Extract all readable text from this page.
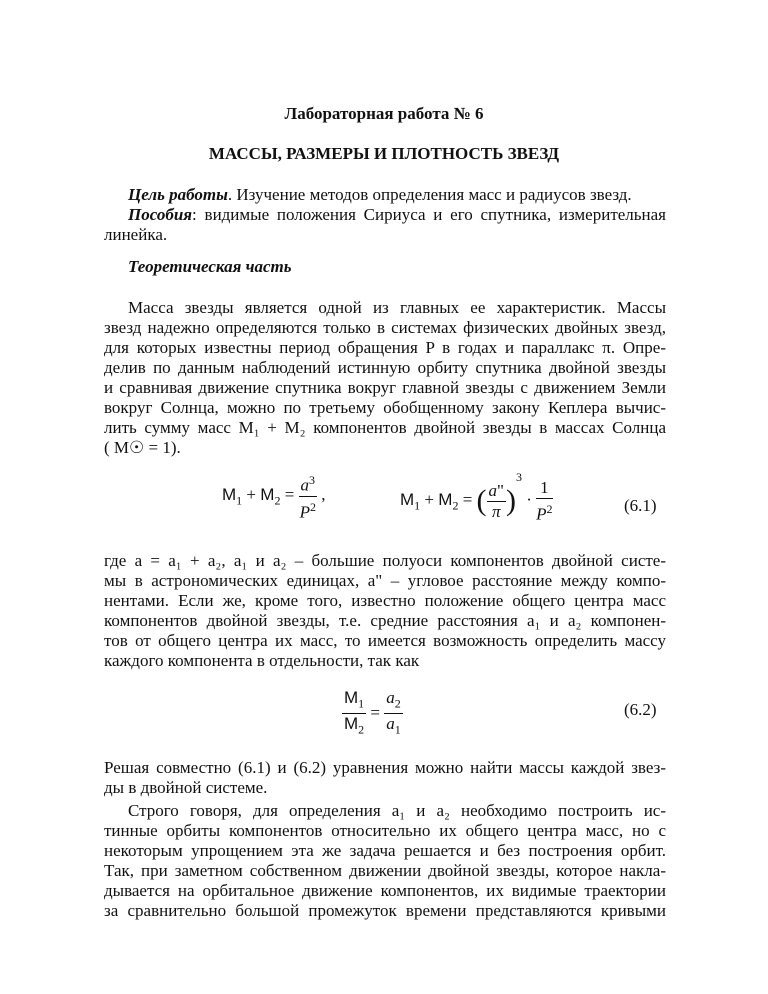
Лабораторная работа № 6
МАССЫ, РАЗМЕРЫ И ПЛОТНОСТЬ ЗВЕЗД
Цель работы. Изучение методов определения масс и радиусов звезд.
Пособия: видимые положения Сириуса и его спутника, измерительная
линейка.
Теоретическая часть
Масса звезды является одной из главных ее характеристик. Массы
звезд надежно определяются только в системах физических двойных звезд,
для которых известны период обращения P в годах и параллакс π. Опре-
делив по данным наблюдений истинную орбиту спутника двойной звезды
и сравнивая движение спутника вокруг главной звезды с движением Земли
вокруг Солнца, можно по третьему обобщенному закону Кеплера вычис-
лить сумму масс M₁ + M₂ компонентов двойной звезды в массах Солнца
( M☉ = 1).
$M_1 + M_2 = \frac{a^3}{P^2}$ ,	$M_1 + M_2$ = ( $\frac{a"}{\pi} )^3 \cdot \frac{1}{P^2}$	(6.1)
где a = a₁ + a₂, a₁ и a₂ – большие полуоси компонентов двойной систе-
мы в астрономических единицах, a" – угловое расстояние между компо-
нентами. Если же, кроме того, известно положение общего центра масс
компонентов двойной звезды, т.е. средние расстояния a₁ и a₂ компонен-
тов от общего центра их масс, то имеется возможность определить массу
каждого компонента в отдельности, так как
$\frac{M_1}{M_2} = \frac{a_2}{a_1}$	(6.2)
Решая совместно (6.1) и (6.2) уравнения можно найти массы каждой звез-
ды в двойной системе.
Строго говоря, для определения a₁ и a₂ необходимо построить ис-
тинные орбиты компонентов относительно их общего центра масс, но с
некоторым упрощением эта же задача решается и без построения орбит.
Так, при заметном собственном движении двойной звезды, которое накла-
дывается на орбитальное движение компонентов, их видимые траектории
за сравнительно большой промежуток времени представляются кривыми
